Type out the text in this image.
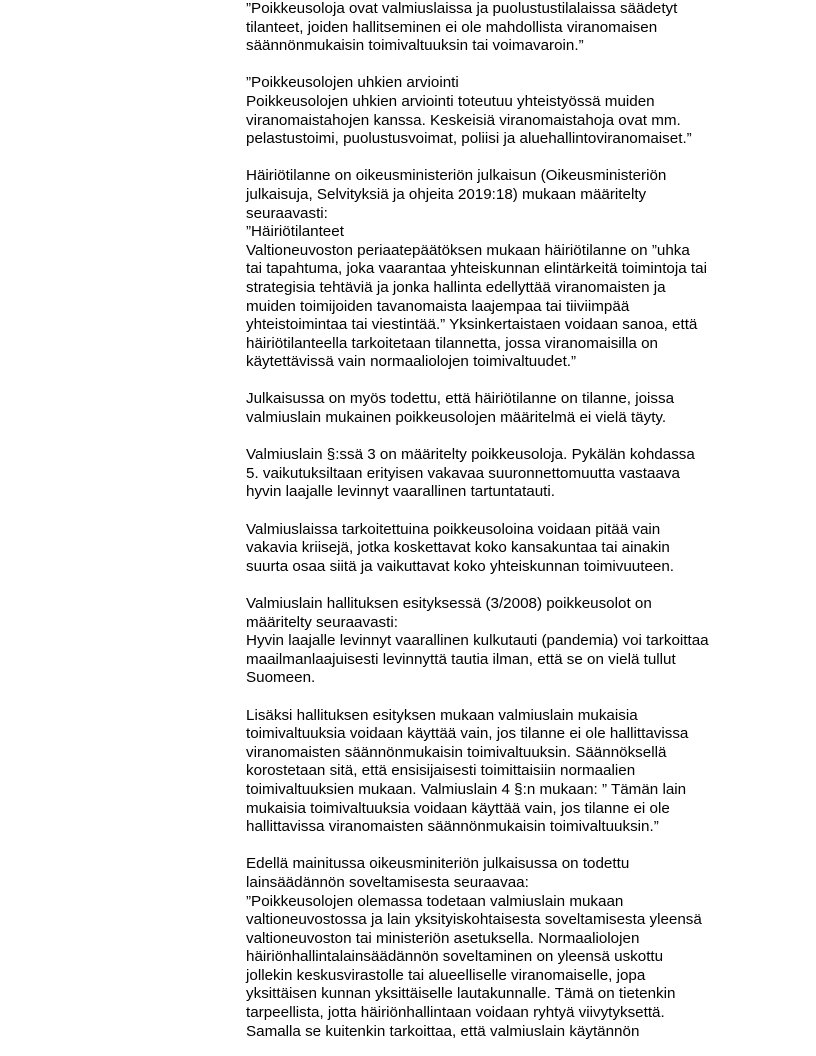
”Poikkeusoloja ovat valmiuslaissa ja puolustustilalaissa säädetyt
tilanteet, joiden hallitseminen ei ole mahdollista viranomaisen
säännönmukaisin toimivaltuuksin tai voimavaroin.”
”Poikkeusolojen uhkien arviointi
Poikkeusolojen uhkien arviointi toteutuu yhteistyössä muiden
viranomaistahojen kanssa. Keskeisiä viranomaistahoja ovat mm.
pelastustoimi, puolustusvoimat, poliisi ja aluehallintoviranomaiset.”
Häiriötilanne on oikeusministeriön julkaisun (Oikeusministeriön
julkaisuja, Selvityksiä ja ohjeita 2019:18) mukaan määritelty
seuraavasti:
”Häiriötilanteet
Valtioneuvoston periaatepäätöksen mukaan häiriötilanne on ”uhka
tai tapahtuma, joka vaarantaa yhteiskunnan elintärkeitä toimintoja tai
strategisia tehtäviä ja jonka hallinta edellyttää viranomaisten ja
muiden toimijoiden tavanomaista laajempaa tai tiiviimpää
yhteistoimintaa tai viestintää.” Yksinkertaistaen voidaan sanoa, että
häiriötilanteella tarkoitetaan tilannetta, jossa viranomaisilla on
käytettävissä vain normaaliolojen toimivaltuudet.”
Julkaisussa on myös todettu, että häiriötilanne on tilanne, joissa
valmiuslain mukainen poikkeusolojen määritelmä ei vielä täyty.
Valmiuslain §:ssä 3 on määritelty poikkeusoloja. Pykälän kohdassa
5. vaikutuksiltaan erityisen vakavaa suuronnettomuutta vastaava
hyvin laajalle levinnyt vaarallinen tartuntatauti.
Valmiuslaissa tarkoitettuina poikkeusoloina voidaan pitää vain
vakavia kriisejä, jotka koskettavat koko kansakuntaa tai ainakin
suurta osaa siitä ja vaikuttavat koko yhteiskunnan toimivuuteen.
Valmiuslain hallituksen esityksessä (3/2008) poikkeusolot on
määritelty seuraavasti:
Hyvin laajalle levinnyt vaarallinen kulkutauti (pandemia) voi tarkoittaa
maailmanlaajuisesti levinnyttä tautia ilman, että se on vielä tullut
Suomeen.
Lisäksi hallituksen esityksen mukaan valmiuslain mukaisia
toimivaltuuksia voidaan käyttää vain, jos tilanne ei ole hallittavissa
viranomaisten säännönmukaisin toimivaltuuksin. Säännöksellä
korostetaan sitä, että ensisijaisesti toimittaisiin normaalien
toimivaltuuksien mukaan. Valmiuslain 4 §:n mukaan: ” Tämän lain
mukaisia toimivaltuuksia voidaan käyttää vain, jos tilanne ei ole
hallittavissa viranomaisten säännönmukaisin toimivaltuuksin.”
Edellä mainitussa oikeusminiteriön julkaisussa on todettu
lainsäädännön soveltamisesta seuraavaa:
”Poikkeusolojen olemassa todetaan valmiuslain mukaan
valtioneuvostossa ja lain yksityiskohtaisesta soveltamisesta yleensä
valtioneuvoston tai ministeriön asetuksella. Normaaliolojen
häiriönhallintalainsäädännön soveltaminen on yleensä uskottu
jollekin keskusvirastolle tai alueelliselle viranomaiselle, jopa
yksittäisen kunnan yksittäiselle lautakunnalle. Tämä on tietenkin
tarpeellista, jotta häiriönhallintaan voidaan ryhtyä viivytyksettä.
Samalla se kuitenkin tarkoittaa, että valmiuslain käytännön
